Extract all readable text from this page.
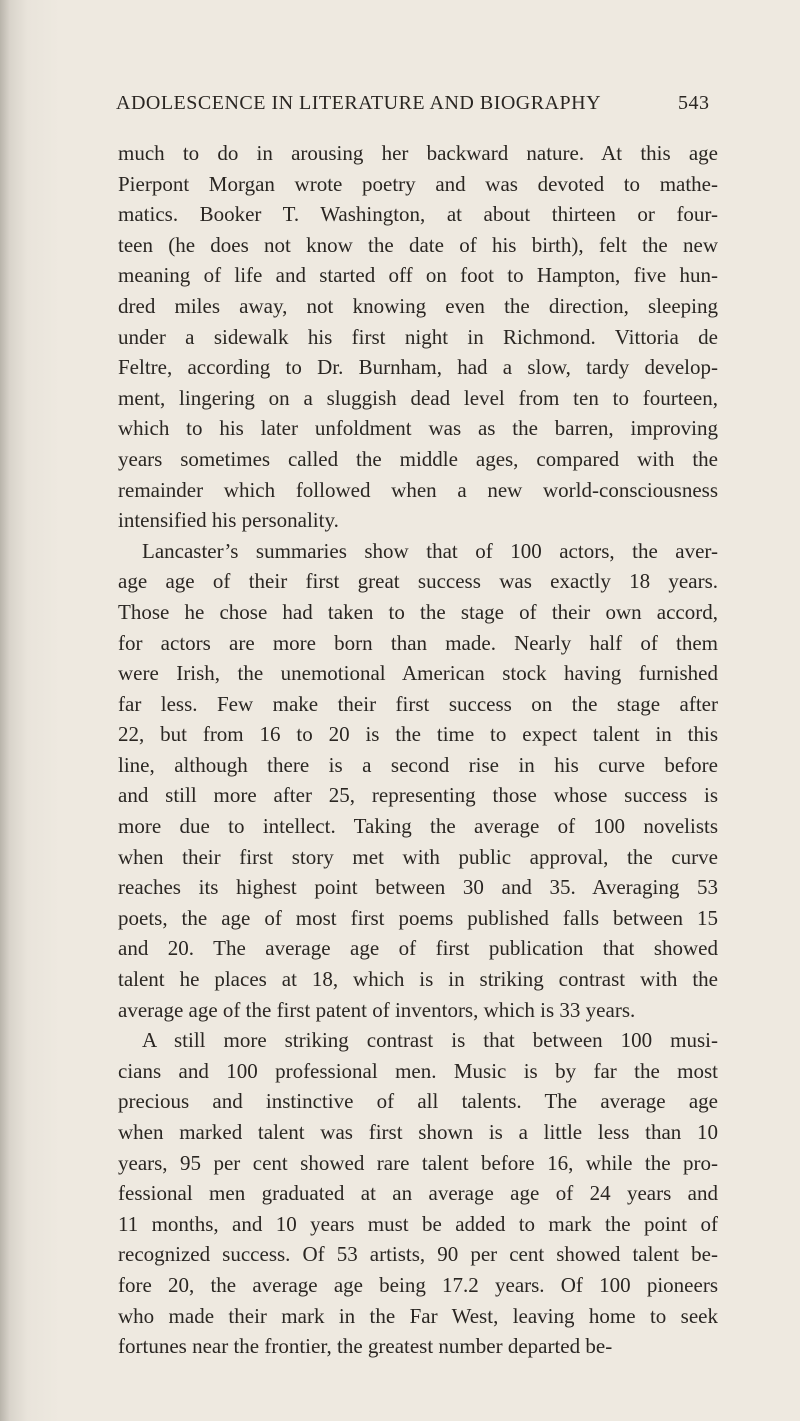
ADOLESCENCE IN LITERATURE AND BIOGRAPHY	543
much to do in arousing her backward nature. At this age
Pierpont Morgan wrote poetry and was devoted to mathe-
matics. Booker T. Washington, at about thirteen or four-
teen (he does not know the date of his birth), felt the new
meaning of life and started off on foot to Hampton, five hun-
dred miles away, not knowing even the direction, sleeping
under a sidewalk his first night in Richmond. Vittoria de
Feltre, according to Dr. Burnham, had a slow, tardy develop-
ment, lingering on a sluggish dead level from ten to fourteen,
which to his later unfoldment was as the barren, improving
years sometimes called the middle ages, compared with the
remainder which followed when a new world-consciousness
intensified his personality.
Lancaster’s summaries show that of 100 actors, the aver-
age age of their first great success was exactly 18 years.
Those he chose had taken to the stage of their own accord,
for actors are more born than made. Nearly half of them
were Irish, the unemotional American stock having furnished
far less. Few make their first success on the stage after
22, but from 16 to 20 is the time to expect talent in this
line, although there is a second rise in his curve before
and still more after 25, representing those whose success is
more due to intellect. Taking the average of 100 novelists
when their first story met with public approval, the curve
reaches its highest point between 30 and 35. Averaging 53
poets, the age of most first poems published falls between 15
and 20. The average age of first publication that showed
talent he places at 18, which is in striking contrast with the
average age of the first patent of inventors, which is 33 years.
A still more striking contrast is that between 100 musi-
cians and 100 professional men. Music is by far the most
precious and instinctive of all talents. The average age
when marked talent was first shown is a little less than 10
years, 95 per cent showed rare talent before 16, while the pro-
fessional men graduated at an average age of 24 years and
11 months, and 10 years must be added to mark the point of
recognized success. Of 53 artists, 90 per cent showed talent be-
fore 20, the average age being 17.2 years. Of 100 pioneers
who made their mark in the Far West, leaving home to seek
fortunes near the frontier, the greatest number departed be-
